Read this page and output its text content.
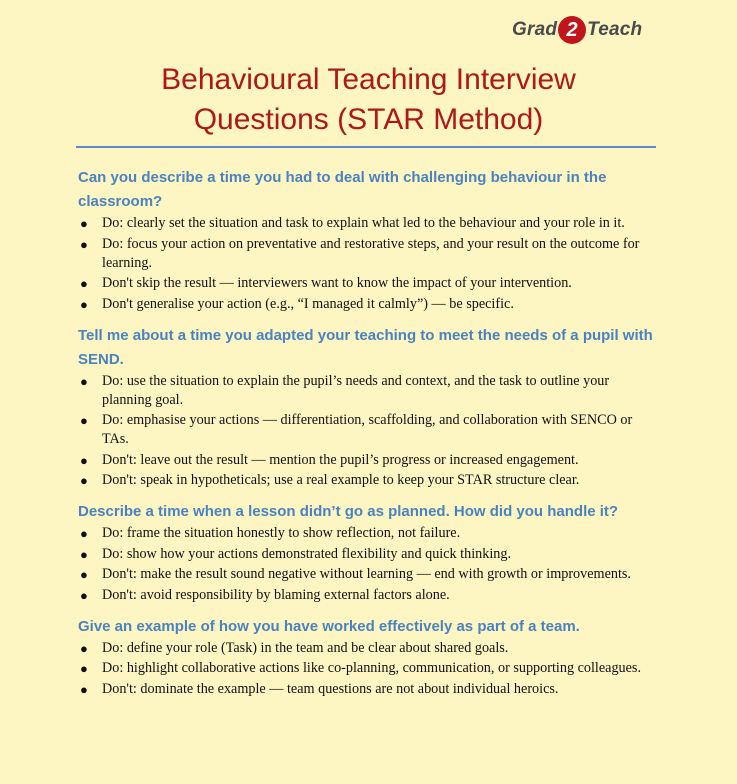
Grad 2 Teach
Behavioural Teaching Interview
Questions (STAR Method)
Can you describe a time you had to deal with challenging behaviour in the classroom?
● Do: clearly set the situation and task to explain what led to the behaviour and your role in it.
● Do: focus your action on preventative and restorative steps, and your result on the outcome for learning.
● Don't skip the result — interviewers want to know the impact of your intervention.
● Don't generalise your action (e.g., “I managed it calmly”) — be specific.
Tell me about a time you adapted your teaching to meet the needs of a pupil with SEND.
● Do: use the situation to explain the pupil’s needs and context, and the task to outline your planning goal.
● Do: emphasise your actions — differentiation, scaffolding, and collaboration with SENCO or TAs.
● Don't: leave out the result — mention the pupil’s progress or increased engagement.
● Don't: speak in hypotheticals; use a real example to keep your STAR structure clear.
Describe a time when a lesson didn’t go as planned. How did you handle it?
● Do: frame the situation honestly to show reflection, not failure.
● Do: show how your actions demonstrated flexibility and quick thinking.
● Don't: make the result sound negative without learning — end with growth or improvements.
● Don't: avoid responsibility by blaming external factors alone.
Give an example of how you have worked effectively as part of a team.
● Do: define your role (Task) in the team and be clear about shared goals.
● Do: highlight collaborative actions like co-planning, communication, or supporting colleagues.
● Don't: dominate the example — team questions are not about individual heroics.
